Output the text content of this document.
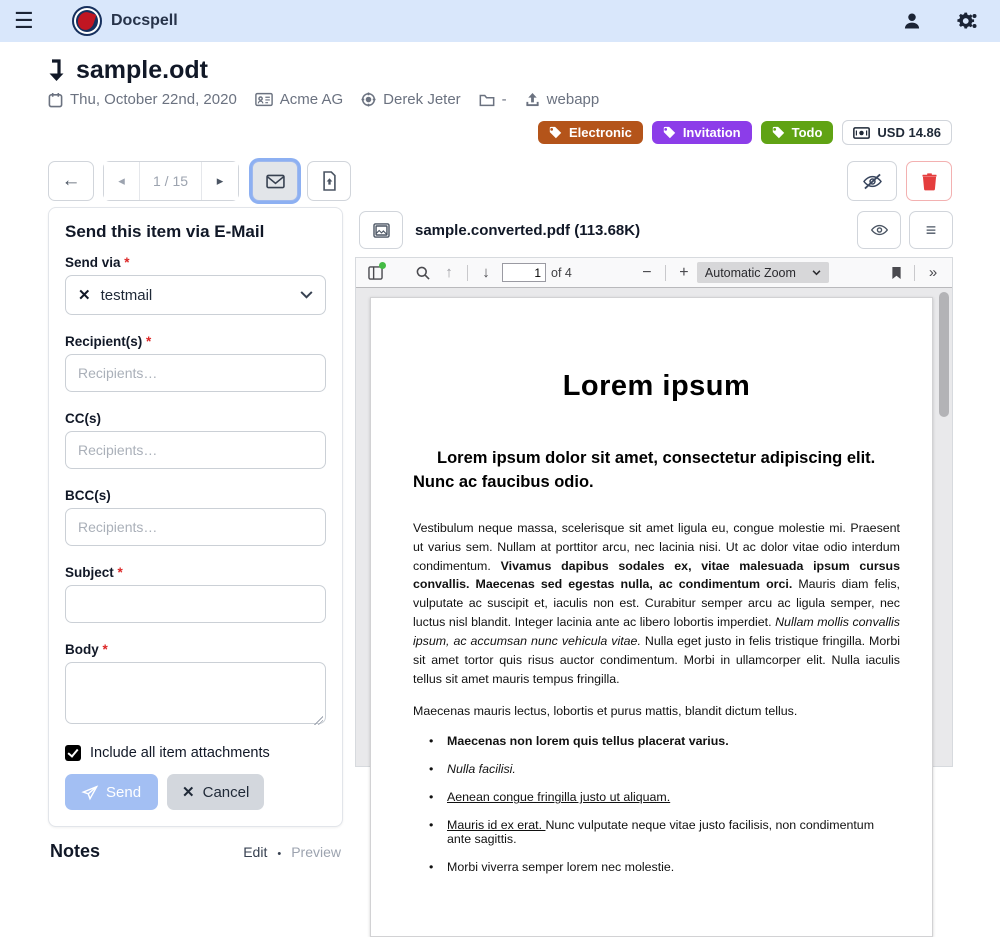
☰	Docspell
sample.odt
Thu, October 22nd, 2020	Acme AG	Derek Jeter	-	webapp
Electronic	Invitation	Todo	USD 14.86
←	◂	1 / 15	▸
Send this item via E-Mail
Send via *
✕ testmail
Recipient(s) *
Recipients…
CC(s)
Recipients…
BCC(s)
Recipients…
Subject *
Body *
Include all item attachments
Send	✕ Cancel
Notes	Edit • Preview
sample.converted.pdf (113.68K)	≡
↑	↓
1	of 4	−	+	Automatic Zoom	»
Lorem ipsum
Lorem ipsum dolor sit amet, consectetur adipiscing elit. Nunc ac faucibus odio.
Vestibulum neque massa, scelerisque sit amet ligula eu, congue molestie mi. Praesent ut varius sem. Nullam at porttitor arcu, nec lacinia nisi. Ut ac dolor vitae odio interdum condimentum. Vivamus dapibus sodales ex, vitae malesuada ipsum cursus convallis. Maecenas sed egestas nulla, ac condimentum orci. Mauris diam felis, vulputate ac suscipit et, iaculis non est. Curabitur semper arcu ac ligula semper, nec luctus nisl blandit. Integer lacinia ante ac libero lobortis imperdiet. Nullam mollis convallis ipsum, ac accumsan nunc vehicula vitae. Nulla eget justo in felis tristique fringilla. Morbi sit amet tortor quis risus auctor condimentum. Morbi in ullamcorper elit. Nulla iaculis tellus sit amet mauris tempus fringilla.
Maecenas mauris lectus, lobortis et purus mattis, blandit dictum tellus.
• Maecenas non lorem quis tellus placerat varius.
• Nulla facilisi.
• Aenean congue fringilla justo ut aliquam.
• Mauris id ex erat. Nunc vulputate neque vitae justo facilisis, non condimentum ante sagittis.
• Morbi viverra semper lorem nec molestie.
